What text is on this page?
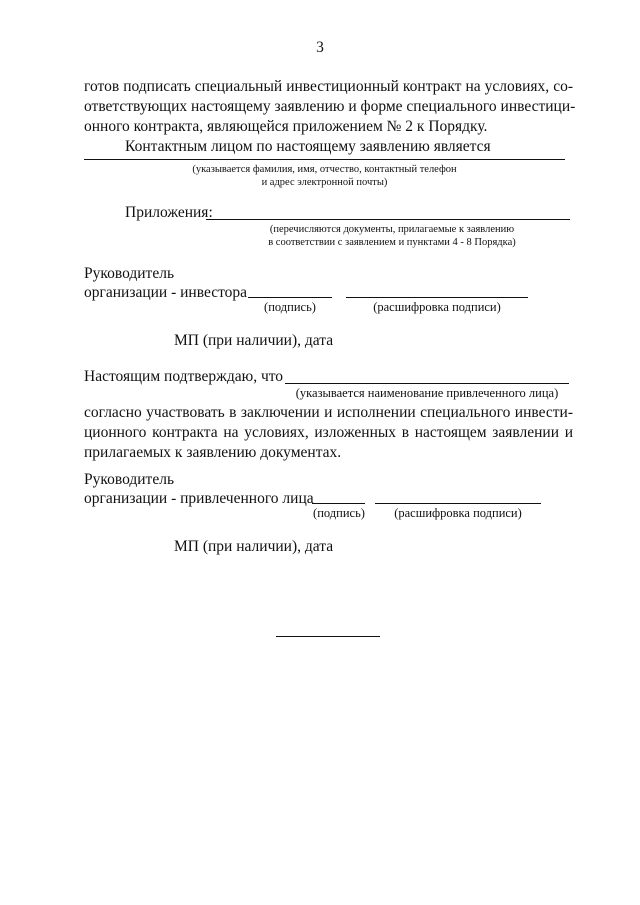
3
готов подписать специальный инвестиционный контракт на условиях, со-
ответствующих настоящему заявлению и форме специального инвестици-
онного контракта, являющейся приложением № 2 к Порядку.
Контактным лицом по настоящему заявлению является
(указывается фамилия, имя, отчество, контактный телефон
и адрес электронной почты)
Приложения:
(перечисляются документы, прилагаемые к заявлению
в соответствии с заявлением и пунктами 4 - 8 Порядка)
Руководитель
организации - инвестора
(подпись)	(расшифровка подписи)
МП (при наличии), дата
Настоящим подтверждаю, что
(указывается наименование привлеченного лица)
согласно участвовать в заключении и исполнении специального инвести-
ционного контракта на условиях, изложенных в настоящем заявлении и
прилагаемых к заявлению документах.
Руководитель
организации - привлеченного лица
(подпись)	(расшифровка подписи)
МП (при наличии), дата
